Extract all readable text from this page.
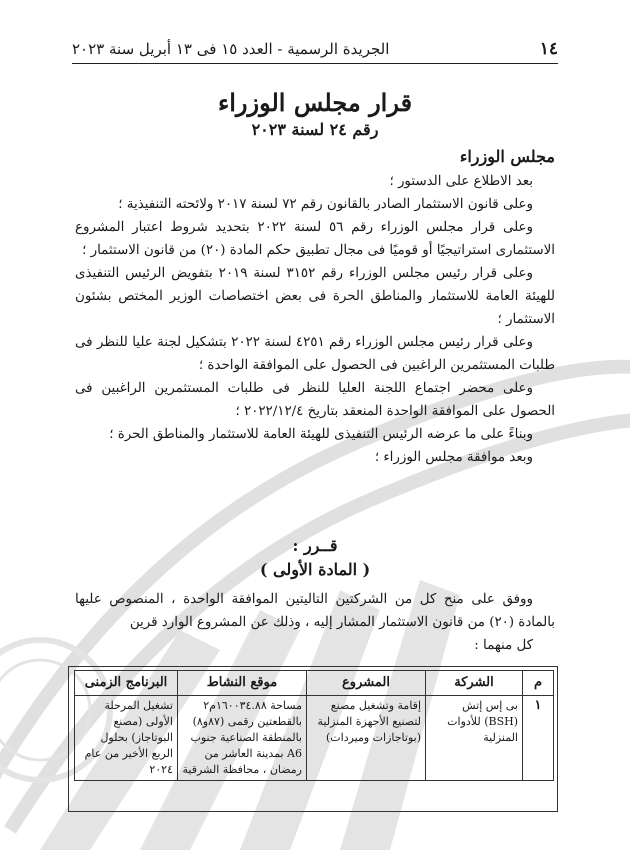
١٤
الجريدة الرسمية - العدد ١٥ فى ١٣ أبريل سنة ٢٠٢٣
قرار مجلس الوزراء
رقم ٢٤ لسنة ٢٠٢٣
مجلس الوزراء

بعد الاطلاع على الدستور ؛

وعلى قانون الاستثمار الصادر بالقانون رقم ٧٢ لسنة ٢٠١٧ ولائحته التنفيذية ؛

وعلى قرار مجلس الوزراء رقم ٥٦ لسنة ٢٠٢٢ بتحديد شروط اعتبار المشروع الاستثمارى استراتيجيًا أو قوميًا فى مجال تطبيق حكم المادة (٢٠) من قانون الاستثمار ؛

وعلى قرار رئيس مجلس الوزراء رقم ٣١٥٢ لسنة ٢٠١٩ بتفويض الرئيس التنفيذى للهيئة العامة للاستثمار والمناطق الحرة فى بعض اختصاصات الوزير المختص بشئون الاستثمار ؛

وعلى قرار رئيس مجلس الوزراء رقم ٤٢٥١ لسنة ٢٠٢٢ بتشكيل لجنة عليا للنظر فى طلبات المستثمرين الراغبين فى الحصول على الموافقة الواحدة ؛

وعلى محضر اجتماع اللجنة العليا للنظر فى طلبات المستثمرين الراغبين فى الحصول على الموافقة الواحدة المنعقد بتاريخ ٢٠٢٢/١٢/٤ ؛

وبناءً على ما عرضه الرئيس التنفيذى للهيئة العامة للاستثمار والمناطق الحرة ؛

وبعد موافقة مجلس الوزراء ؛

قــرر :
( المادة الأولى )

ووفق على منح كل من الشركتين التاليتين الموافقة الواحدة ، المنصوص عليها بالمادة (٢٠) من قانون الاستثمار المشار إليه ، وذلك عن المشروع الوارد قرين

كل منهما :

م	الشركة	المشروع	موقع النشاط	البرنامج الزمنى
١	بى إس إتش (BSH) للأدوات المنزلية	إقامة وتشغيل مصنع لتصنيع الأجهزة المنزلية (بوتاجازات وميردات)	مساحة ١٦٠٠٣٤.٨٨م٢ بالقطعتين رقمى (٨٧و٨) بالمنطقة الصناعية جنوب A6 بمدينة العاشر من رمضان ، محافظة الشرقية	تشغيل المرحلة الأولى (مصنع البوتاجاز) بحلول الربع الأخير من عام ٢٠٢٤
